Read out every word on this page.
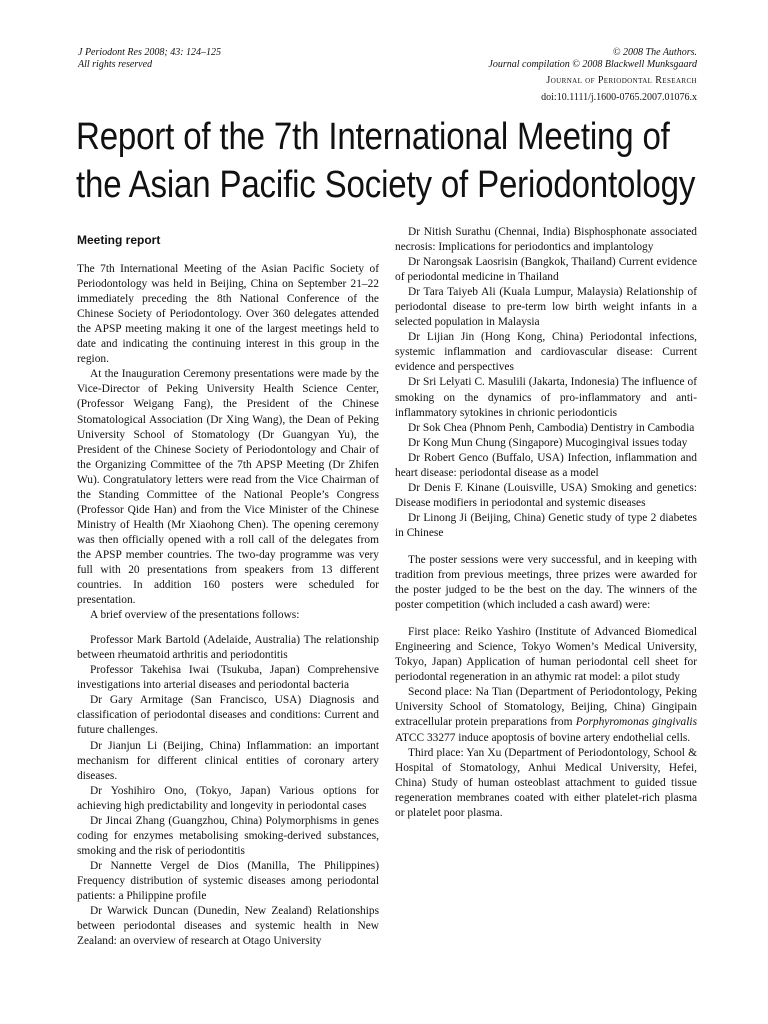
J Periodont Res 2008; 43: 124–125
All rights reserved
© 2008 The Authors.
Journal compilation © 2008 Blackwell Munksgaard
Journal of Periodontal Research
doi:10.1111/j.1600-0765.2007.01076.x
Report of the 7th International Meeting of
the Asian Pacific Society of Periodontology
Meeting report

The 7th International Meeting of the Asian Pacific Society of Periodontology was held in Beijing, China on September 21–22 immediately preceding the 8th National Conference of the Chinese Society of Periodontology. Over 360 delegates attended the APSP meeting making it one of the largest meetings held to date and indicating the continuing interest in this group in the region.

At the Inauguration Ceremony presentations were made by the Vice-Director of Peking University Health Science Center, (Professor Weigang Fang), the President of the Chinese Stomatological Association (Dr Xing Wang), the Dean of Peking University School of Stomatology (Dr Guangyan Yu), the President of the Chinese Society of Periodontology and Chair of the Organizing Committee of the 7th APSP Meeting (Dr Zhifen Wu). Congratulatory letters were read from the Vice Chairman of the Standing Committee of the National People’s Congress (Professor Qide Han) and from the Vice Minister of the Chinese Ministry of Health (Mr Xiaohong Chen). The opening ceremony was then officially opened with a roll call of the delegates from the APSP member countries. The two-day programme was very full with 20 presentations from speakers from 13 different countries. In addition 160 posters were scheduled for presentation.

A brief overview of the presentations follows:

Professor Mark Bartold (Adelaide, Australia) The relationship between rheumatoid arthritis and periodontitis

Professor Takehisa Iwai (Tsukuba, Japan) Comprehensive investigations into arterial diseases and periodontal bacteria

Dr Gary Armitage (San Francisco, USA) Diagnosis and classification of periodontal diseases and conditions: Current and future challenges.

Dr Jianjun Li (Beijing, China) Inflammation: an important mechanism for different clinical entities of coronary artery diseases.

Dr Yoshihiro Ono, (Tokyo, Japan) Various options for achieving high predictability and longevity in periodontal cases

Dr Jincai Zhang (Guangzhou, China) Polymorphisms in genes coding for enzymes metabolising smoking-derived substances, smoking and the risk of periodontitis

Dr Nannette Vergel de Dios (Manilla, The Philippines) Frequency distribution of systemic diseases among periodontal patients: a Philippine profile

Dr Warwick Duncan (Dunedin, New Zealand) Relationships between periodontal diseases and systemic health in New Zealand: an overview of research at Otago University

Dr Nitish Surathu (Chennai, India) Bisphosphonate associated necrosis: Implications for periodontics and implantology

Dr Narongsak Laosrisin (Bangkok, Thailand) Current evidence of periodontal medicine in Thailand

Dr Tara Taiyeb Ali (Kuala Lumpur, Malaysia) Relationship of periodontal disease to pre-term low birth weight infants in a selected population in Malaysia

Dr Lijian Jin (Hong Kong, China) Periodontal infections, systemic inflammation and cardiovascular disease: Current evidence and perspectives

Dr Sri Lelyati C. Masulili (Jakarta, Indonesia) The influence of smoking on the dynamics of pro-inflammatory and anti-inflammatory sytokines in chrionic periodonticis

Dr Sok Chea (Phnom Penh, Cambodia) Dentistry in Cambodia

Dr Kong Mun Chung (Singapore) Mucogingival issues today

Dr Robert Genco (Buffalo, USA) Infection, inflammation and heart disease: periodontal disease as a model

Dr Denis F. Kinane (Louisville, USA) Smoking and genetics: Disease modifiers in periodontal and systemic diseases

Dr Linong Ji (Beijing, China) Genetic study of type 2 diabetes in Chinese

The poster sessions were very successful, and in keeping with tradition from previous meetings, three prizes were awarded for the poster judged to be the best on the day. The winners of the poster competition (which included a cash award) were:

First place: Reiko Yashiro (Institute of Advanced Biomedical Engineering and Science, Tokyo Women’s Medical University, Tokyo, Japan) Application of human periodontal cell sheet for periodontal regeneration in an athymic rat model: a pilot study

Second place: Na Tian (Department of Periodontology, Peking University School of Stomatology, Beijing, China) Gingipain extracellular protein preparations from Porphyromonas gingivalis ATCC 33277 induce apoptosis of bovine artery endothelial cells.

Third place: Yan Xu (Department of Periodontology, School & Hospital of Stomatology, Anhui Medical University, Hefei, China) Study of human osteoblast attachment to guided tissue regeneration membranes coated with either platelet-rich plasma or platelet poor plasma.
